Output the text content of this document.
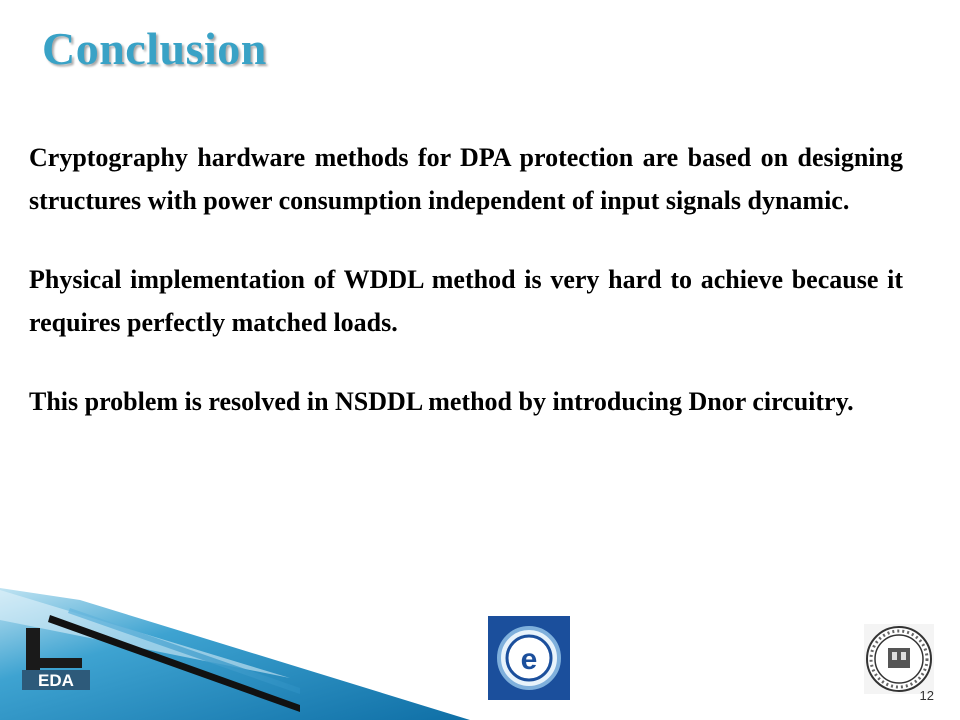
Conclusion

Cryptography hardware methods for DPA protection are based on designing structures with power consumption independent of input signals dynamic.

Physical implementation of WDDL method is very hard to achieve because it requires perfectly matched loads.

This problem is resolved in NSDDL method by introducing Dnor circuitry.

EDA
e
12
